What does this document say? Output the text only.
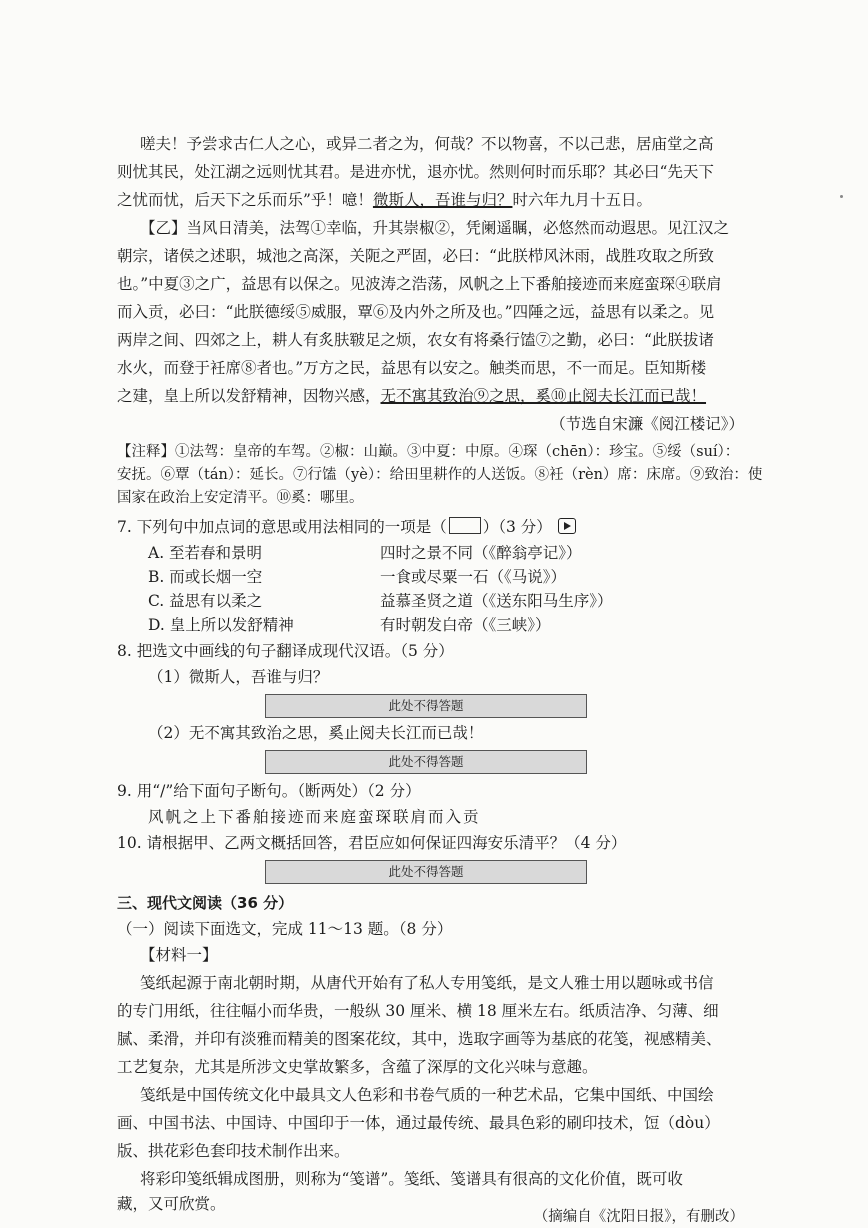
嗟夫！予尝求古仁人之心，或异二者之为，何哉？不以物喜，不以己悲，居庙堂之高
则忧其民，处江湖之远则忧其君。是进亦忧，退亦忧。然则何时而乐耶？其必曰“先天下
之忧而忧，后天下之乐而乐”乎！噫！微斯人，吾谁与归？时六年九月十五日。
【乙】当风日清美，法驾①幸临，升其崇椒②，凭阑遥瞩，必悠然而动遐思。见江汉之
朝宗，诸侯之述职，城池之高深，关阨之严固，必曰：“此朕栉风沐雨，战胜攻取之所致
也。”中夏③之广，益思有以保之。见波涛之浩荡，风帆之上下番舶接迹而来庭蛮琛④联肩
而入贡，必曰：“此朕德绥⑤威服，覃⑥及内外之所及也。”四陲之远，益思有以柔之。见
两岸之间、四郊之上，耕人有炙肤皲足之烦，农女有将桑行馌⑦之勤，必曰：“此朕拔诸
水火，而登于衽席⑧者也。”万方之民，益思有以安之。触类而思，不一而足。臣知斯楼
之建，皇上所以发舒精神，因物兴感，无不寓其致治⑨之思，奚⑩止阅夫长江而已哉！
（节选自宋濂《阅江楼记》）
【注释】①法驾：皇帝的车驾。②椒：山巅。③中夏：中原。④琛（chēn）：珍宝。⑤绥（suí）：
安抚。⑥覃（tán）：延长。⑦行馌（yè）：给田里耕作的人送饭。⑧衽（rèn）席：床席。⑨致治：使
国家在政治上安定清平。⑩奚：哪里。
7. 下列句中加点词的意思或用法相同的一项是（ ）（3 分）
A. 至若春和景明	四时之景不同（《醉翁亭记》）
B. 而或长烟一空	一食或尽粟一石（《马说》）
C. 益思有以柔之	益慕圣贤之道（《送东阳马生序》）
D. 皇上所以发舒精神	有时朝发白帝（《三峡》）
8. 把选文中画线的句子翻译成现代汉语。（5 分）
（1）微斯人，吾谁与归？
此处不得答题
（2）无不寓其致治之思，奚止阅夫长江而已哉！
此处不得答题
9. 用“/”给下面句子断句。（断两处）（2 分）
风帆之上下番舶接迹而来庭蛮琛联肩而入贡
10. 请根据甲、乙两文概括回答，君臣应如何保证四海安乐清平？（4 分）
此处不得答题
三、现代文阅读（36 分）
（一）阅读下面选文，完成 11～13 题。（8 分）
【材料一】
笺纸起源于南北朝时期，从唐代开始有了私人专用笺纸，是文人雅士用以题咏或书信
的专门用纸，往往幅小而华贵，一般纵 30 厘米、横 18 厘米左右。纸质洁净、匀薄、细
腻、柔滑，并印有淡雅而精美的图案花纹，其中，选取字画等为基底的花笺，视感精美、
工艺复杂，尤其是所涉文史掌故繁多，含蕴了深厚的文化兴味与意趣。
笺纸是中国传统文化中最具文人色彩和书卷气质的一种艺术品，它集中国纸、中国绘
画、中国书法、中国诗、中国印于一体，通过最传统、最具色彩的刷印技术，饾（dòu）
版、拱花彩色套印技术制作出来。
将彩印笺纸辑成图册，则称为“笺谱”。笺纸、笺谱具有很高的文化价值，既可收
藏，又可欣赏。
（摘编自《沈阳日报》，有删改）
